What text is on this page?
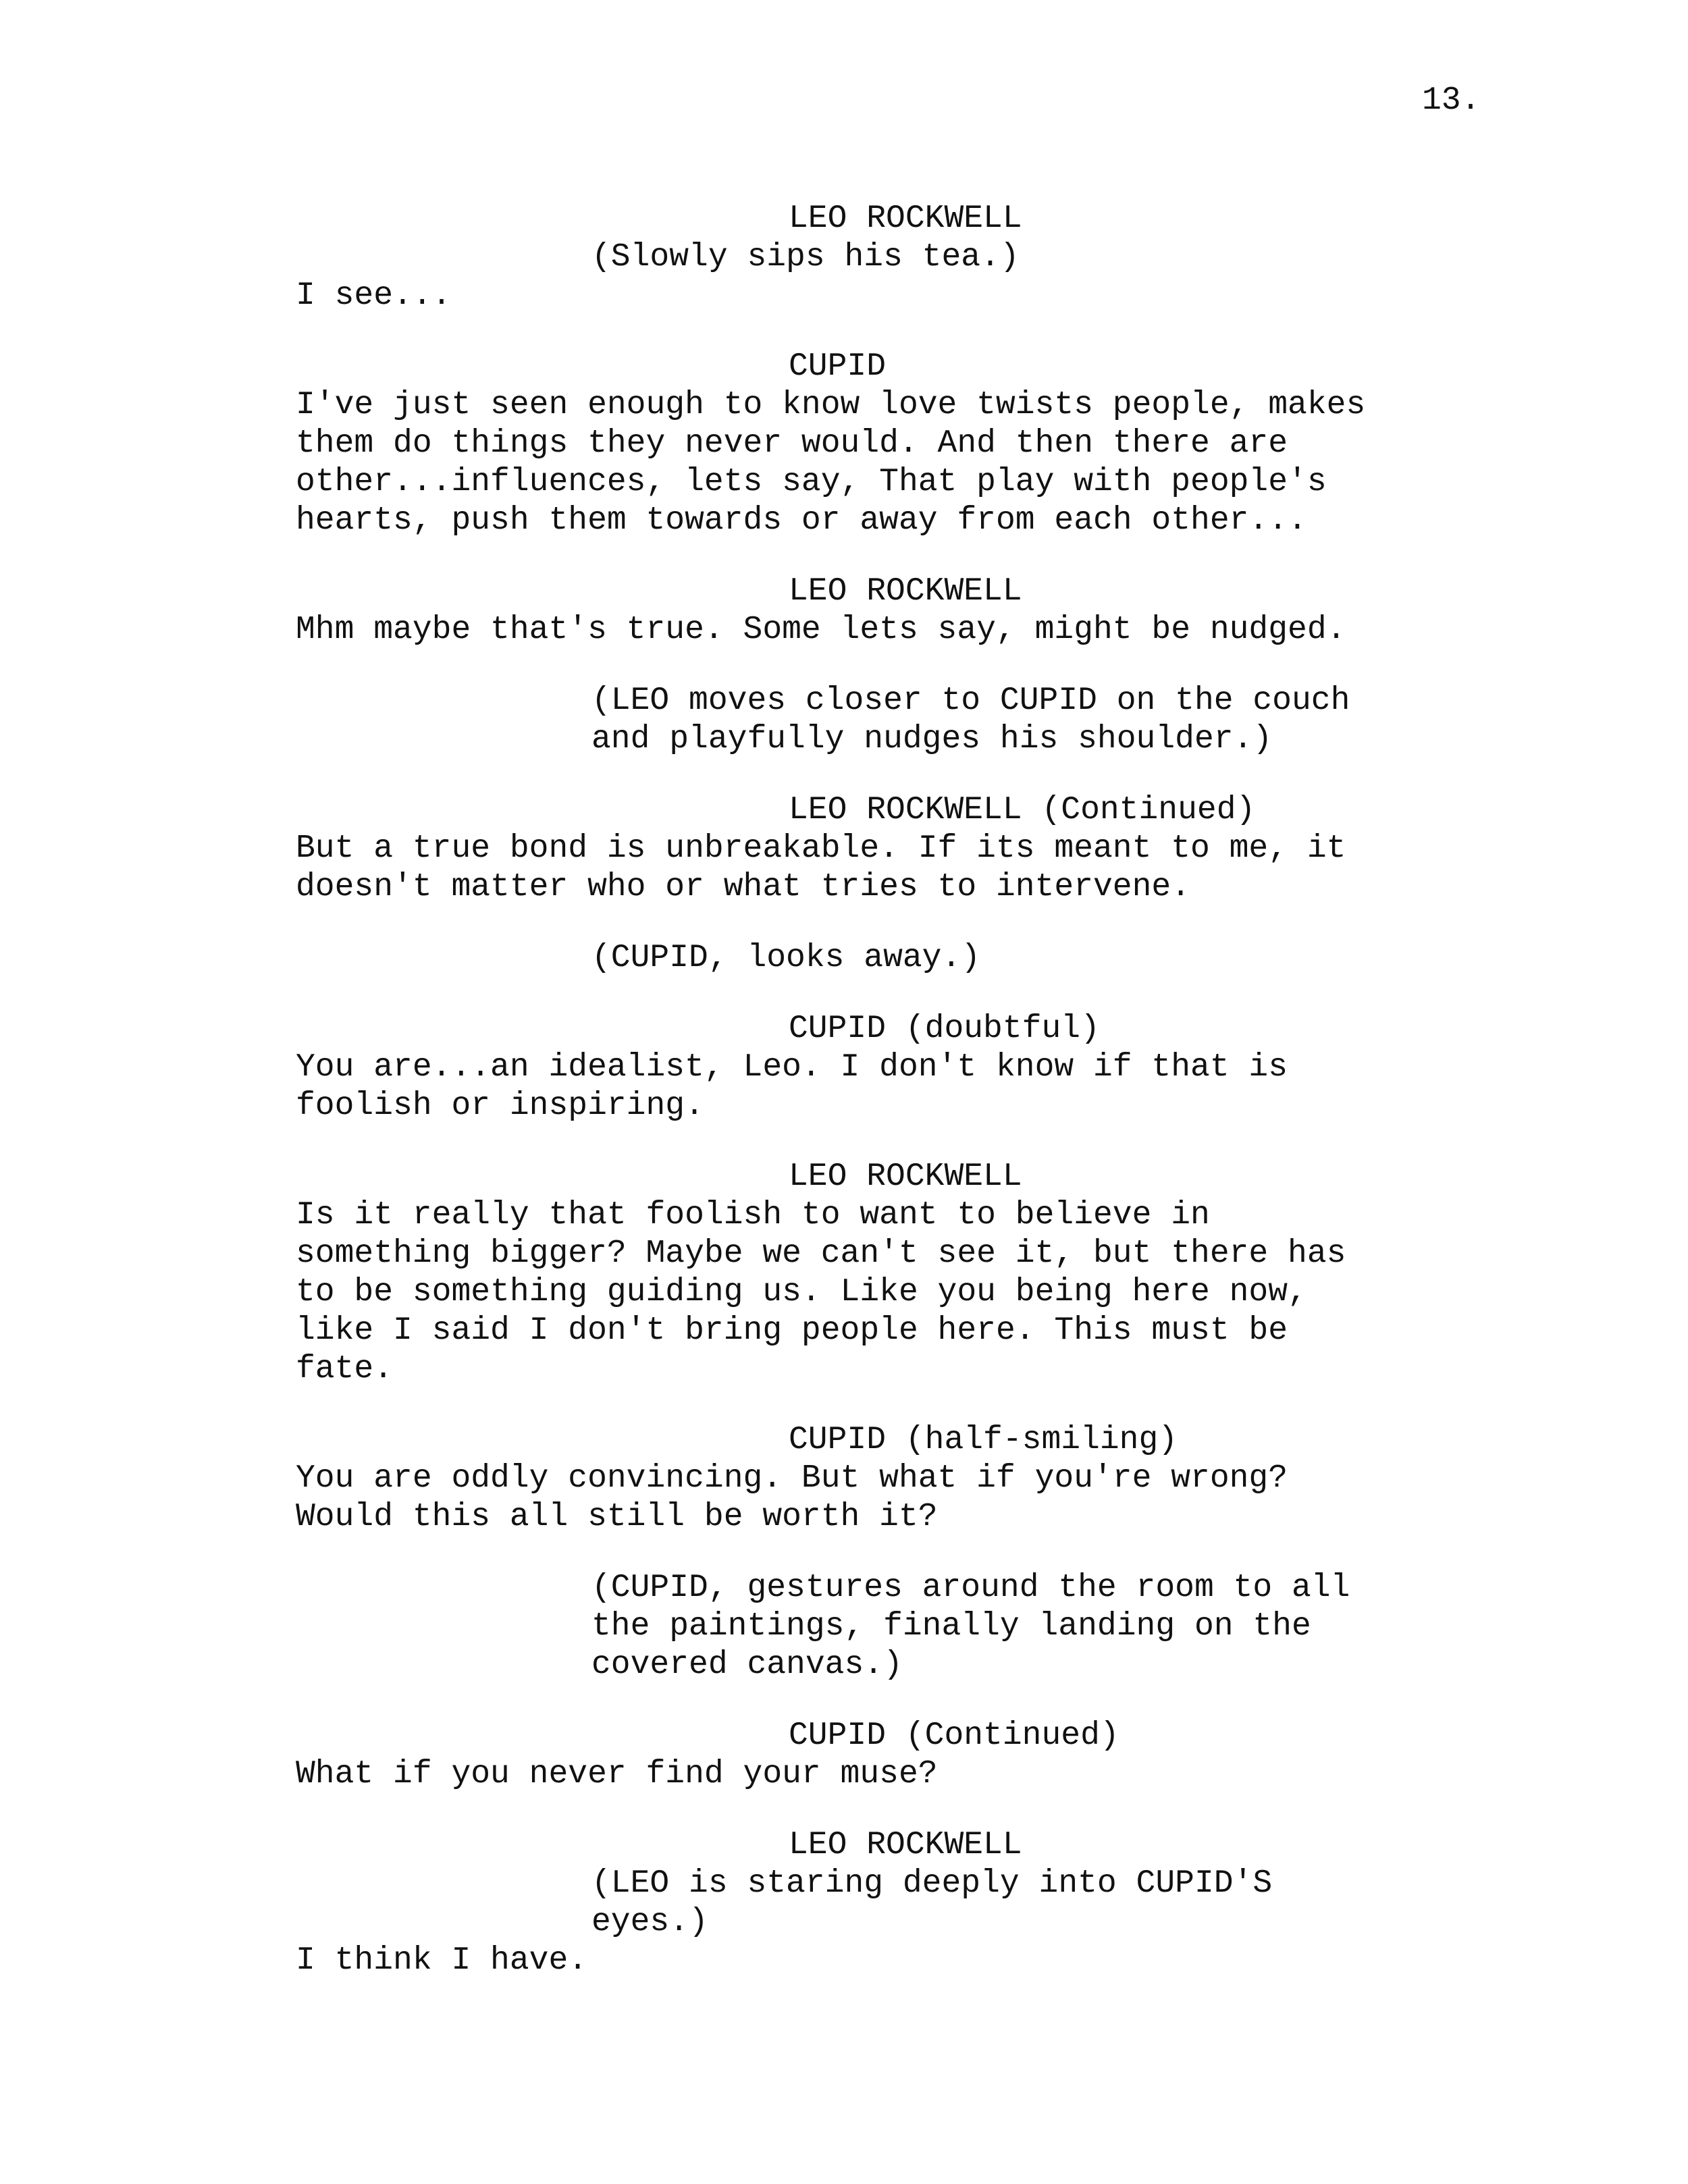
13.
LEO ROCKWELL
(Slowly sips his tea.)
I see...
CUPID
I've just seen enough to know love twists people, makes
them do things they never would. And then there are
other...influences, lets say, That play with people's
hearts, push them towards or away from each other...
LEO ROCKWELL
Mhm maybe that's true. Some lets say, might be nudged.
(LEO moves closer to CUPID on the couch
and playfully nudges his shoulder.)
LEO ROCKWELL (Continued)
But a true bond is unbreakable. If its meant to me, it
doesn't matter who or what tries to intervene.
(CUPID, looks away.)
CUPID (doubtful)
You are...an idealist, Leo. I don't know if that is
foolish or inspiring.
LEO ROCKWELL
Is it really that foolish to want to believe in
something bigger? Maybe we can't see it, but there has
to be something guiding us. Like you being here now,
like I said I don't bring people here. This must be
fate.
CUPID (half-smiling)
You are oddly convincing. But what if you're wrong?
Would this all still be worth it?
(CUPID, gestures around the room to all
the paintings, finally landing on the
covered canvas.)
CUPID (Continued)
What if you never find your muse?
LEO ROCKWELL
(LEO is staring deeply into CUPID'S
eyes.)
I think I have.
